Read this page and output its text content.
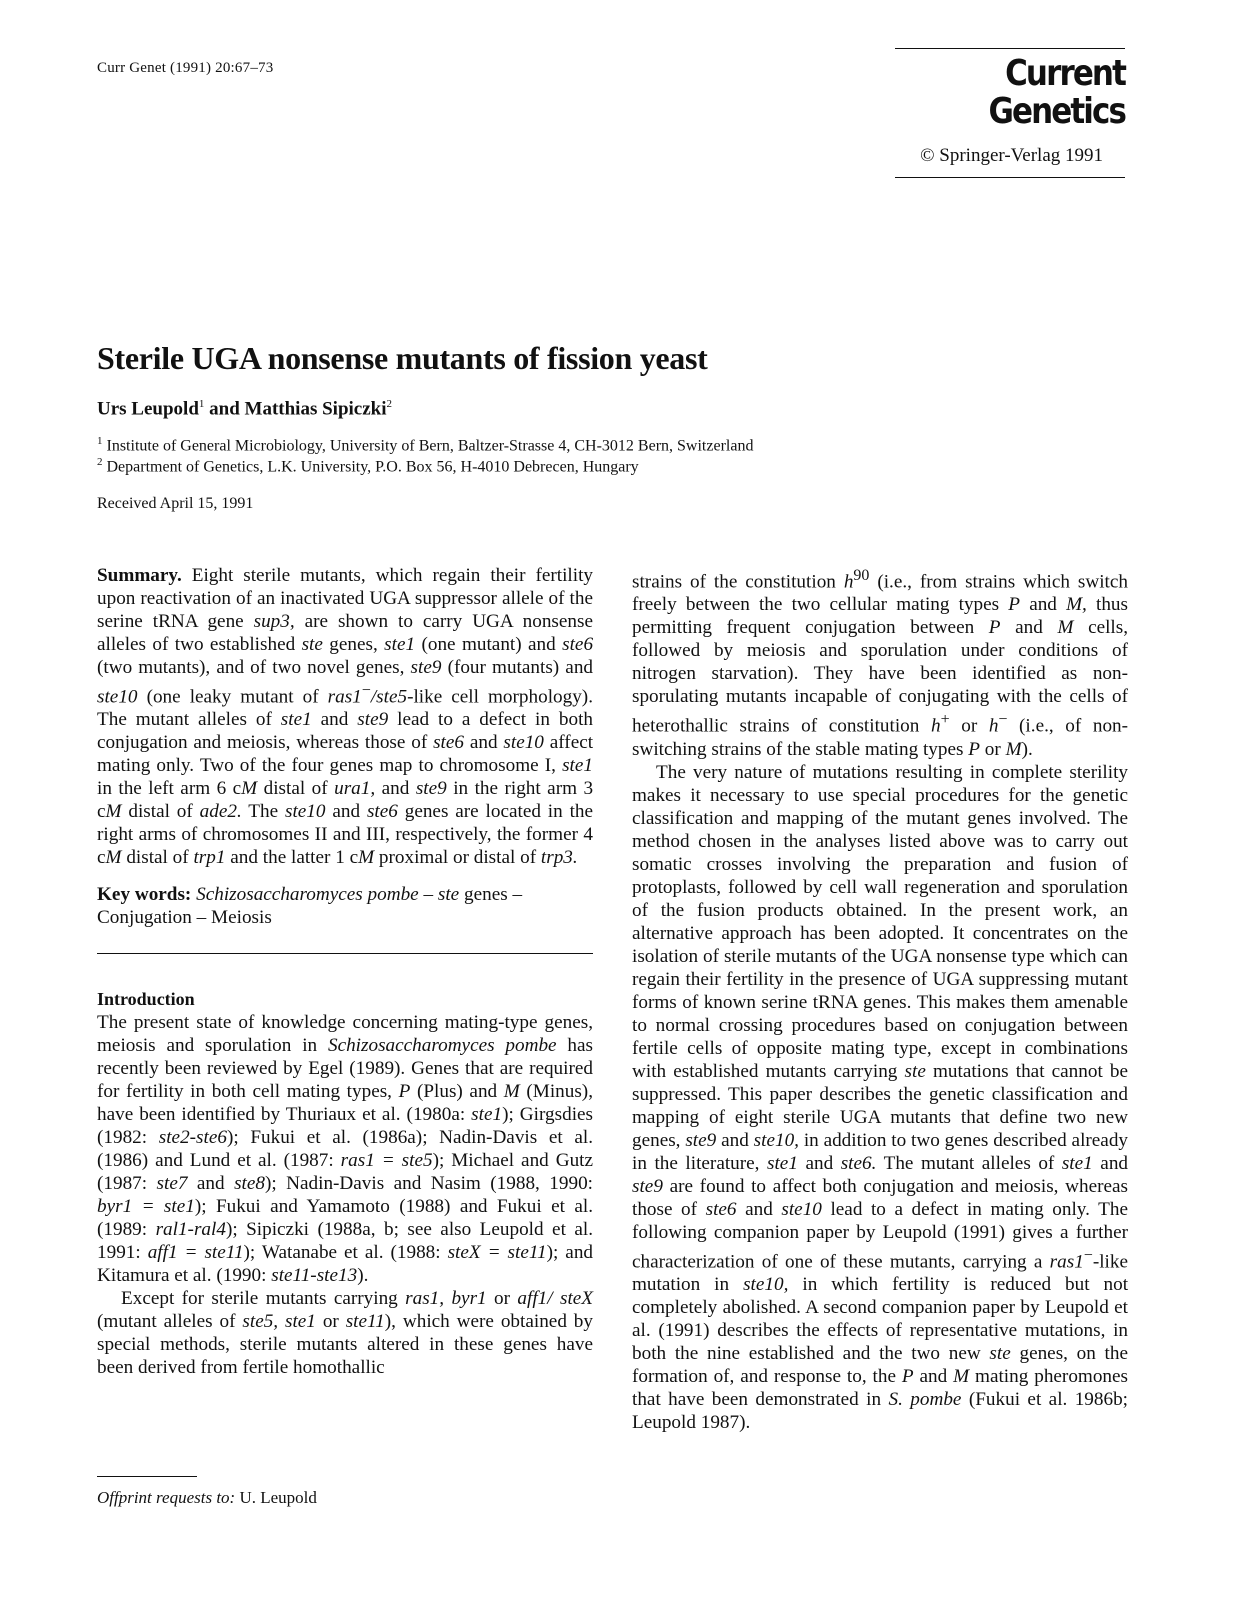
Curr Genet (1991) 20:67–73	Current Genetics
© Springer-Verlag 1991
Sterile UGA nonsense mutants of fission yeast
Urs Leupold$^1$ and Matthias Sipiczki$^2$
$^1$ Institute of General Microbiology, University of Bern, Baltzer-Strasse 4, CH-3012 Bern, Switzerland
$^2$ Department of Genetics, L.K. University, P.O. Box 56, H-4010 Debrecen, Hungary
Received April 15, 1991

Summary. Eight sterile mutants, which regain their fertility upon reactivation of an inactivated UGA suppressor allele of the serine tRNA gene sup3, are shown to carry UGA nonsense alleles of two established ste genes, ste1 (one mutant) and ste6 (two mutants), and of two novel genes, ste9 (four mutants) and ste10 (one leaky mutant of ras1−/ste5-like cell morphology). The mutant alleles of ste1 and ste9 lead to a defect in both conjugation and meiosis, whereas those of ste6 and ste10 affect mating only. Two of the four genes map to chromosome I, ste1 in the left arm 6 cM distal of ura1, and ste9 in the right arm 3 cM distal of ade2. The ste10 and ste6 genes are located in the right arms of chromosomes II and III, respectively, the former 4 cM distal of trp1 and the latter 1 cM proximal or distal of trp3.

Key words: Schizosaccharomyces pombe – ste genes – Conjugation – Meiosis

Introduction

The present state of knowledge concerning mating-type genes, meiosis and sporulation in Schizosaccharomyces pombe has recently been reviewed by Egel (1989). Genes that are required for fertility in both cell mating types, P (Plus) and M (Minus), have been identified by Thuriaux et al. (1980a: ste1); Girgsdies (1982: ste2-ste6); Fukui et al. (1986a); Nadin-Davis et al. (1986) and Lund et al. (1987: ras1 = ste5); Michael and Gutz (1987: ste7 and ste8); Nadin-Davis and Nasim (1988, 1990: byr1 = ste1); Fukui and Yamamoto (1988) and Fukui et al. (1989: ral1-ral4); Sipiczki (1988a, b; see also Leupold et al. 1991: aff1 = ste11); Watanabe et al. (1988: steX = ste11); and Kitamura et al. (1990: ste11-ste13).

Except for sterile mutants carrying ras1, byr1 or aff1/ steX (mutant alleles of ste5, ste1 or ste11), which were obtained by special methods, sterile mutants altered in these genes have been derived from fertile homothallic

strains of the constitution $h^{90}$ (i.e., from strains which switch freely between the two cellular mating types P and M, thus permitting frequent conjugation between P and M cells, followed by meiosis and sporulation under conditions of nitrogen starvation). They have been identified as non-sporulating mutants incapable of conjugating with the cells of heterothallic strains of constitution h+ or h− (i.e., of non-switching strains of the stable mating types P or M).

The very nature of mutations resulting in complete sterility makes it necessary to use special procedures for the genetic classification and mapping of the mutant genes involved. The method chosen in the analyses listed above was to carry out somatic crosses involving the preparation and fusion of protoplasts, followed by cell wall regeneration and sporulation of the fusion products obtained. In the present work, an alternative approach has been adopted. It concentrates on the isolation of sterile mutants of the UGA nonsense type which can regain their fertility in the presence of UGA suppressing mutant forms of known serine tRNA genes. This makes them amenable to normal crossing procedures based on conjugation between fertile cells of opposite mating type, except in combinations with established mutants carrying ste mutations that cannot be suppressed. This paper describes the genetic classification and mapping of eight sterile UGA mutants that define two new genes, ste9 and ste10, in addition to two genes described already in the literature, ste1 and ste6. The mutant alleles of ste1 and ste9 are found to affect both conjugation and meiosis, whereas those of ste6 and ste10 lead to a defect in mating only. The following companion paper by Leupold (1991) gives a further characterization of one of these mutants, carrying a ras1−-like mutation in ste10, in which fertility is reduced but not completely abolished. A second companion paper by Leupold et al. (1991) describes the effects of representative mutations, in both the nine established and the two new ste genes, on the formation of, and response to, the P and M mating pheromones that have been demonstrated in S. pombe (Fukui et al. 1986b; Leupold 1987).

Offprint requests to: U. Leupold
